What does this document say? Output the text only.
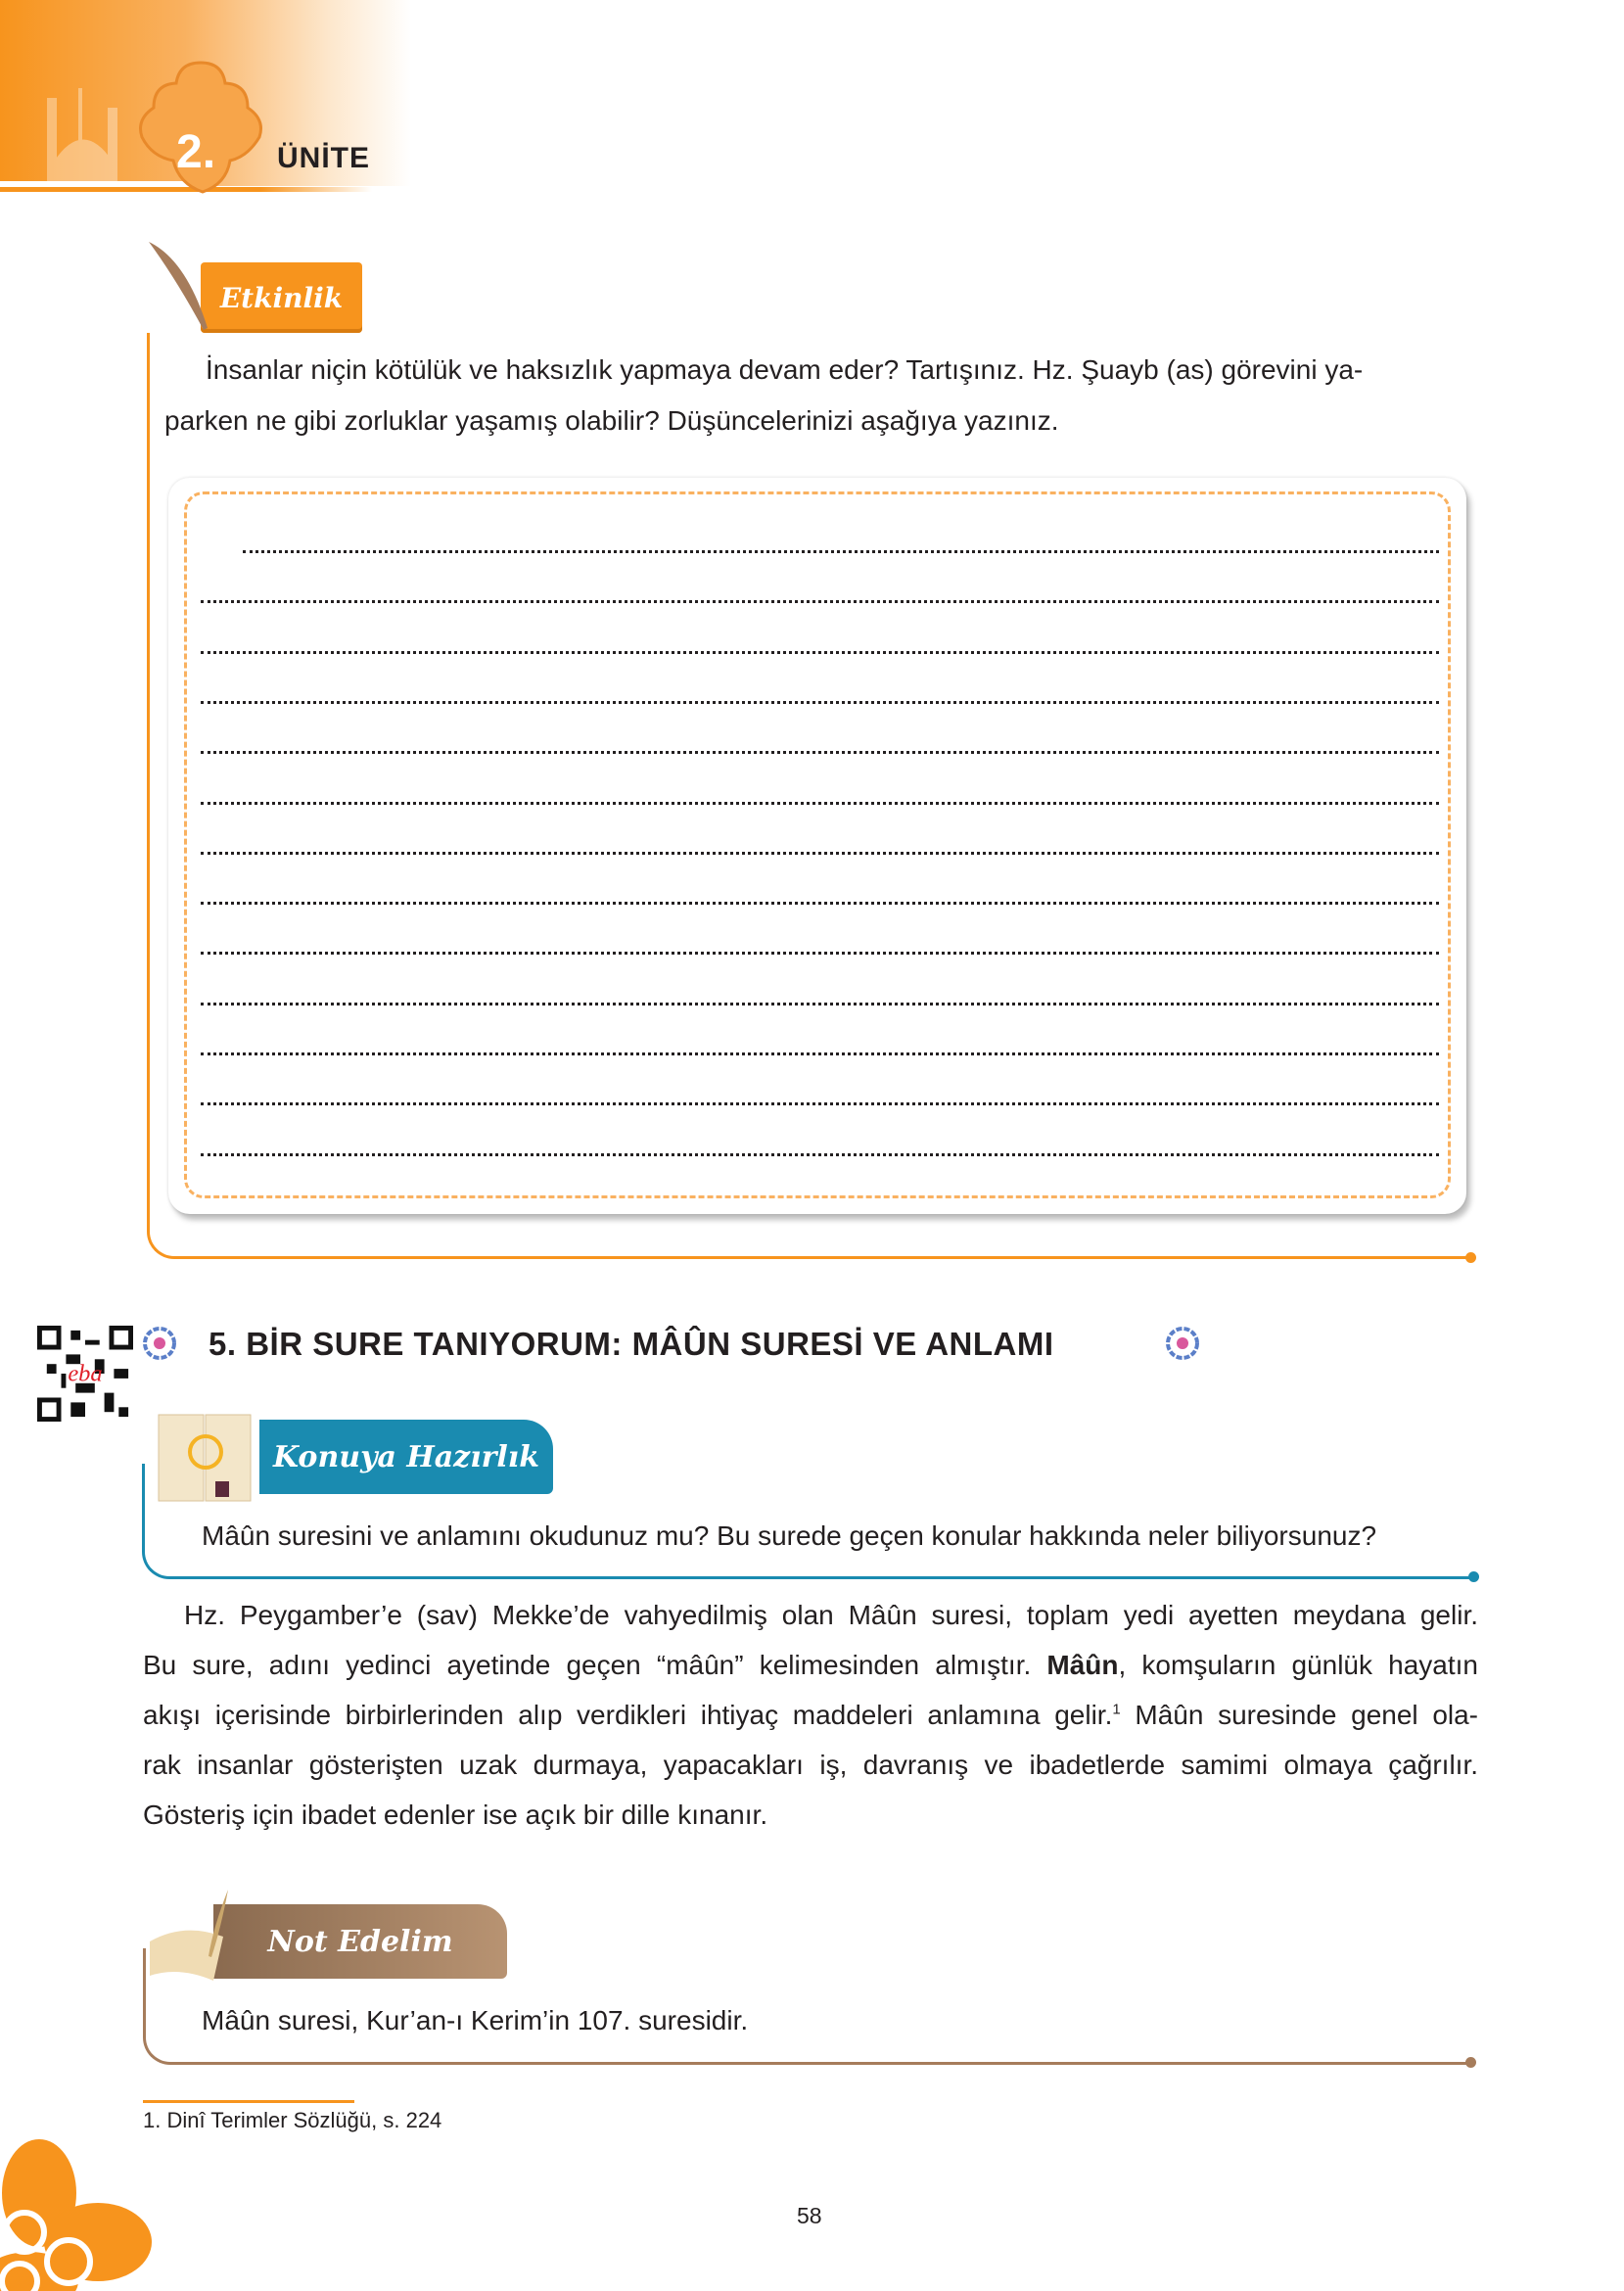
2. ÜNİTE
Etkinlik
İnsanlar niçin kötülük ve haksızlık yapmaya devam eder? Tartışınız. Hz. Şuayb (as) görevini ya-
parken ne gibi zorluklar yaşamış olabilir? Düşüncelerinizi aşağıya yazınız.
eba
5. BİR SURE TANIYORUM: MÂÛN SURESİ VE ANLAMI
Konuya Hazırlık
Mâûn suresini ve anlamını okudunuz mu? Bu surede geçen konular hakkında neler biliyorsunuz?
Hz. Peygamber’e (sav) Mekke’de vahyedilmiş olan Mâûn suresi, toplam yedi ayetten meydana gelir.
Bu sure, adını yedinci ayetinde geçen “mâûn” kelimesinden almıştır. Mâûn, komşuların günlük hayatın
akışı içerisinde birbirlerinden alıp verdikleri ihtiyaç maddeleri anlamına gelir.$^1$ Mâûn suresinde genel ola-
rak insanlar gösterişten uzak durmaya, yapacakları iş, davranış ve ibadetlerde samimi olmaya çağrılır.
Gösteriş için ibadet edenler ise açık bir dille kınanır.
Not Edelim
Mâûn suresi, Kur’an-ı Kerim’in 107. suresidir.
1. Dinî Terimler Sözlüğü, s. 224
58
